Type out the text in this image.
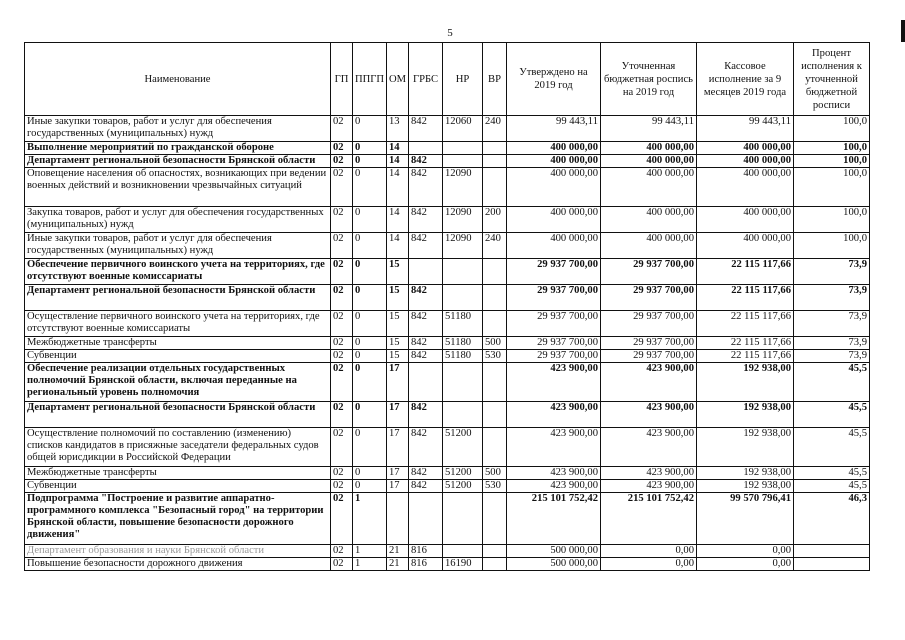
5
Наименование	ГП	ППГП	ОМ	ГРБС	НР	ВР	Утверждено на 2019 год	Уточненная бюджетная роспись на 2019 год	Кассовое исполнение за 9 месяцев 2019 года	Процент исполнения к уточненной бюджетной росписи
Иные закупки товаров, работ и услуг для обеспечения государственных (муниципальных) нужд	02	0	13	842	12060	240	99 443,11	99 443,11	99 443,11	100,0
Выполнение мероприятий по гражданской обороне	02	0	14				400 000,00	400 000,00	400 000,00	100,0
Департамент региональной безопасности Брянской области	02	0	14	842			400 000,00	400 000,00	400 000,00	100,0
Оповещение населения об опасностях, возникающих при ведении военных действий и возникновении чрезвычайных ситуаций	02	0	14	842	12090		400 000,00	400 000,00	400 000,00	100,0
Закупка товаров, работ и услуг для обеспечения государственных (муниципальных) нужд	02	0	14	842	12090	200	400 000,00	400 000,00	400 000,00	100,0
Иные закупки товаров, работ и услуг для обеспечения государственных (муниципальных) нужд	02	0	14	842	12090	240	400 000,00	400 000,00	400 000,00	100,0
Обеспечение первичного воинского учета на территориях, где отсутствуют военные комиссариаты	02	0	15				29 937 700,00	29 937 700,00	22 115 117,66	73,9
Департамент региональной безопасности Брянской области	02	0	15	842			29 937 700,00	29 937 700,00	22 115 117,66	73,9
Осуществление первичного воинского учета на территориях, где отсутствуют военные комиссариаты	02	0	15	842	51180		29 937 700,00	29 937 700,00	22 115 117,66	73,9
Межбюджетные трансферты	02	0	15	842	51180	500	29 937 700,00	29 937 700,00	22 115 117,66	73,9
Субвенции	02	0	15	842	51180	530	29 937 700,00	29 937 700,00	22 115 117,66	73,9
Обеспечение реализации отдельных государственных полномочий Брянской области, включая переданные на региональный уровень полномочия	02	0	17				423 900,00	423 900,00	192 938,00	45,5
Департамент региональной безопасности Брянской области	02	0	17	842			423 900,00	423 900,00	192 938,00	45,5
Осуществление полномочий по составлению (изменению) списков кандидатов в присяжные заседатели федеральных судов общей юрисдикции в Российской Федерации	02	0	17	842	51200		423 900,00	423 900,00	192 938,00	45,5
Межбюджетные трансферты	02	0	17	842	51200	500	423 900,00	423 900,00	192 938,00	45,5
Субвенции	02	0	17	842	51200	530	423 900,00	423 900,00	192 938,00	45,5
Подпрограмма "Построение и развитие аппаратно-программного комплекса "Безопасный город" на территории Брянской области, повышение безопасности дорожного движения"	02	1					215 101 752,42	215 101 752,42	99 570 796,41	46,3
Департамент образования и науки Брянской области	02	1	21	816			500 000,00	0,00	0,00	
Повышение безопасности дорожного движения	02	1	21	816	16190		500 000,00	0,00	0,00	
